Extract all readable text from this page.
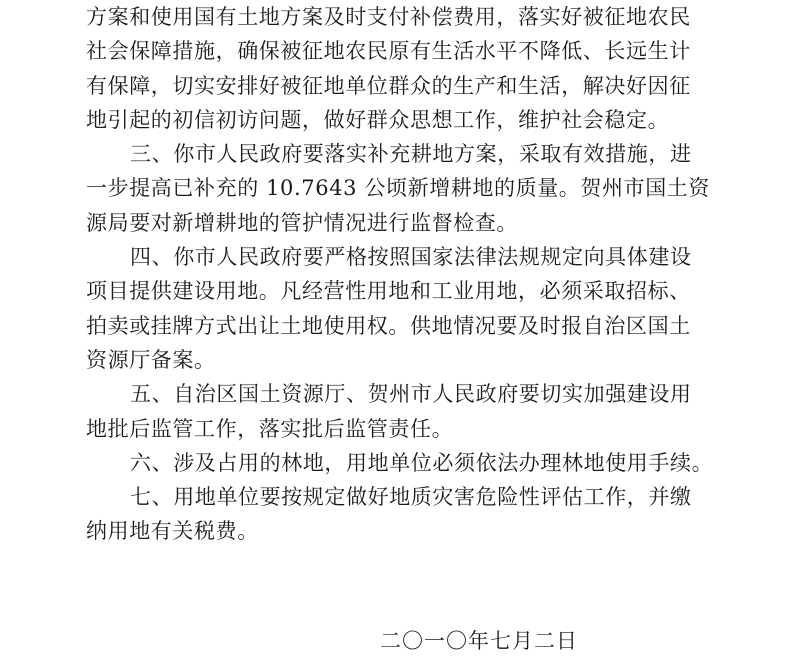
方案和使用国有土地方案及时支付补偿费用，落实好被征地农民
社会保障措施，确保被征地农民原有生活水平不降低、长远生计
有保障，切实安排好被征地单位群众的生产和生活，解决好因征
地引起的初信初访问题，做好群众思想工作，维护社会稳定。
三、你市人民政府要落实补充耕地方案，采取有效措施，进
一步提高已补充的 10.7643 公顷新增耕地的质量。贺州市国土资
源局要对新增耕地的管护情况进行监督检查。
四、你市人民政府要严格按照国家法律法规规定向具体建设
项目提供建设用地。凡经营性用地和工业用地，必须采取招标、
拍卖或挂牌方式出让土地使用权。供地情况要及时报自治区国土
资源厅备案。
五、自治区国土资源厅、贺州市人民政府要切实加强建设用
地批后监管工作，落实批后监管责任。
六、涉及占用的林地，用地单位必须依法办理林地使用手续。
七、用地单位要按规定做好地质灾害危险性评估工作，并缴
纳用地有关税费。
二〇一〇年七月二日
